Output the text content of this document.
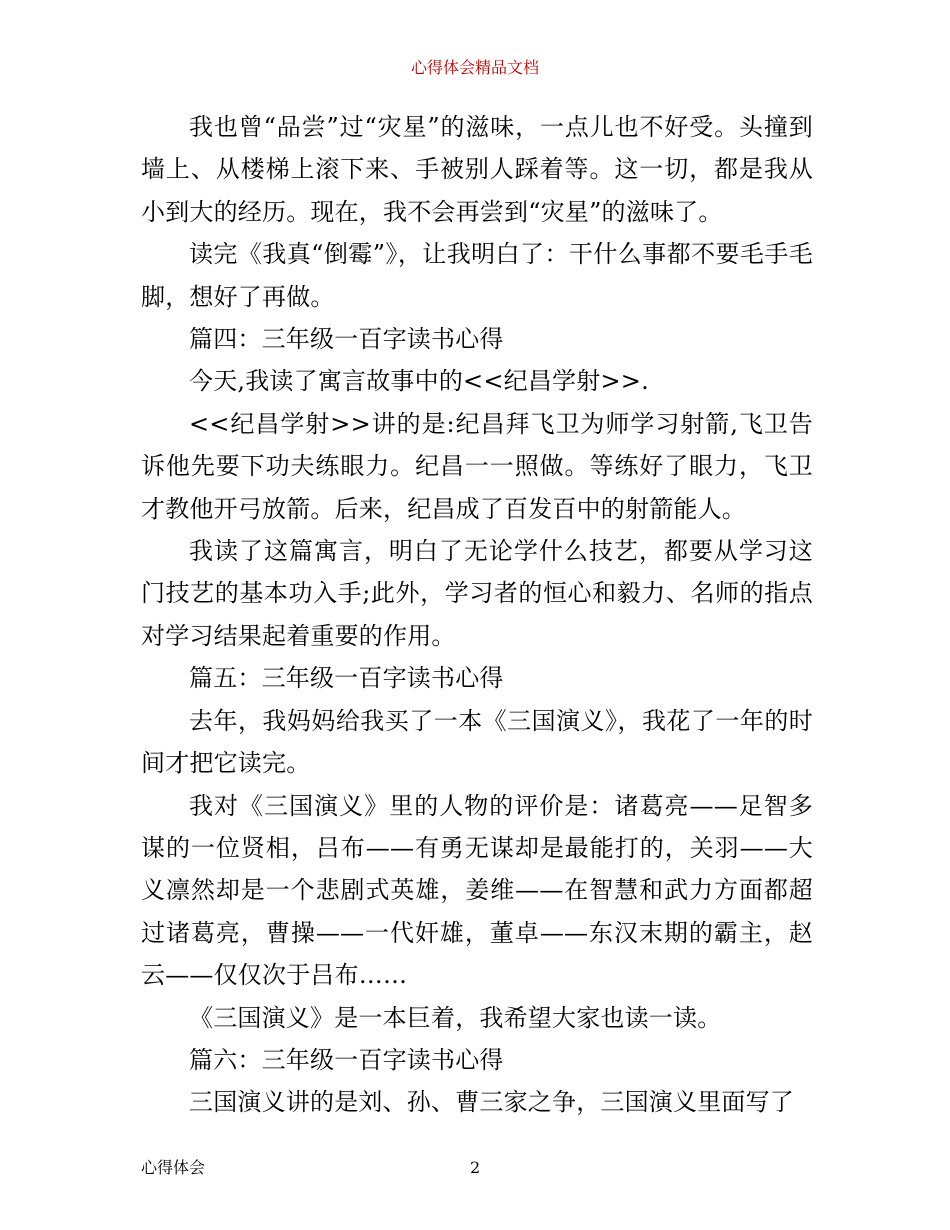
心得体会精品文档

我也曾“品尝”过“灾星”的滋味，一点儿也不好受。头撞到墙上、从楼梯上滚下来、手被别人踩着等。这一切，都是我从小到大的经历。现在，我不会再尝到“灾星”的滋味了。

读完《我真“倒霉”》，让我明白了：干什么事都不要毛手毛脚，想好了再做。

篇四：三年级一百字读书心得

今天,我读了寓言故事中的<<纪昌学射>>.

<<纪昌学射>>讲的是:纪昌拜飞卫为师学习射箭,飞卫告诉他先要下功夫练眼力。纪昌一一照做。等练好了眼力，飞卫才教他开弓放箭。后来，纪昌成了百发百中的射箭能人。

我读了这篇寓言，明白了无论学什么技艺，都要从学习这门技艺的基本功入手;此外，学习者的恒心和毅力、名师的指点对学习结果起着重要的作用。

篇五：三年级一百字读书心得

去年，我妈妈给我买了一本《三国演义》，我花了一年的时间才把它读完。

我对《三国演义》里的人物的评价是：诸葛亮——足智多谋的一位贤相，吕布——有勇无谋却是最能打的，关羽——大义凛然却是一个悲剧式英雄，姜维——在智慧和武力方面都超过诸葛亮，曹操——一代奸雄，董卓——东汉末期的霸主，赵云——仅仅次于吕布……

《三国演义》是一本巨着，我希望大家也读一读。

篇六：三年级一百字读书心得

三国演义讲的是刘、孙、曹三家之争，三国演义里面写了

心得体会	2
